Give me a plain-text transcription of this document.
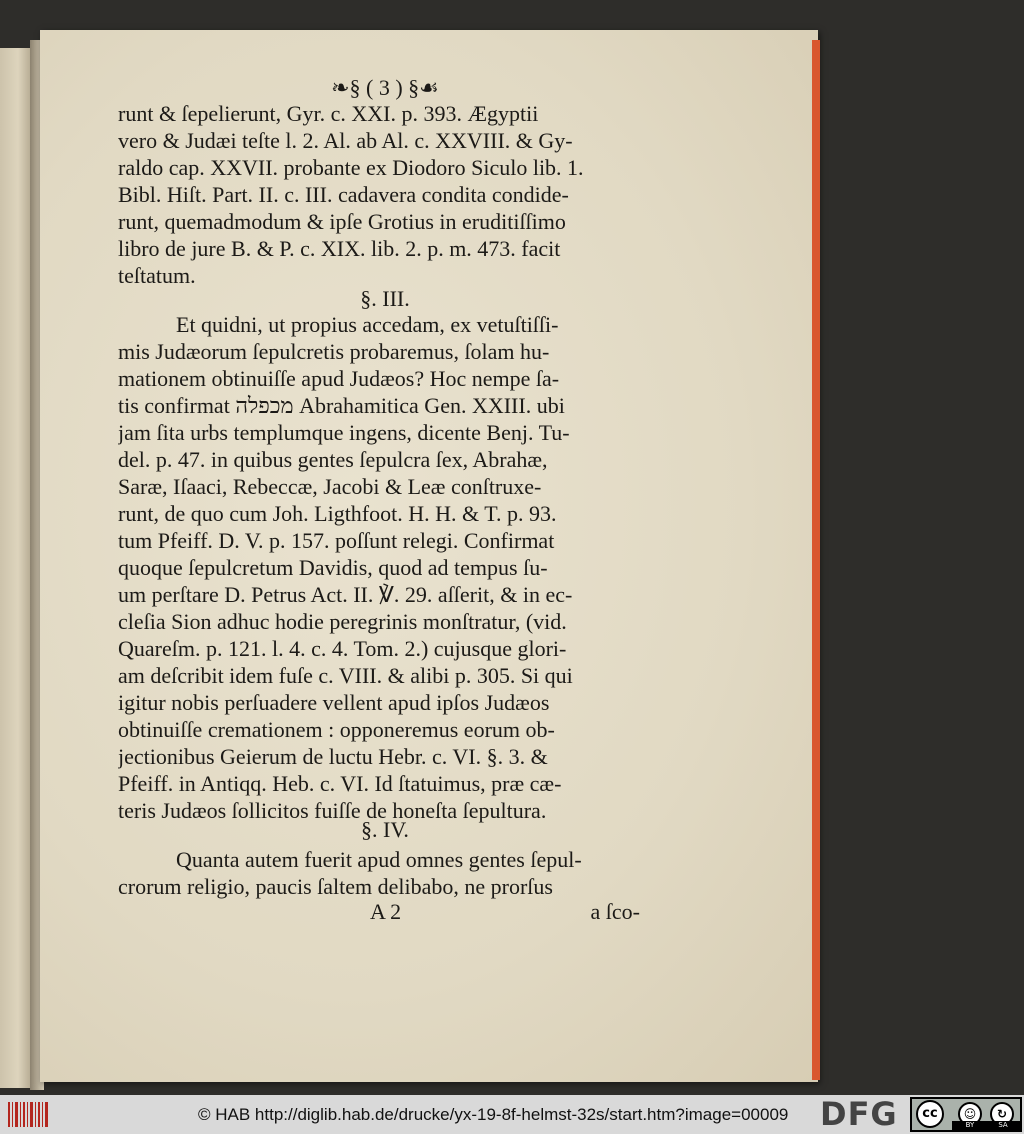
❧§ ( 3 ) §☙
runt & ſepelierunt, Gyr. c. XXI. p. 393. Ægyptii
vero & Judæi teſte l. 2. Al. ab Al. c. XXVIII. & Gy-
raldo cap. XXVII. probante ex Diodoro Siculo lib. 1.
Bibl. Hiſt. Part. II. c. III. cadavera condita condide-
runt, quemadmodum & ipſe Grotius in eruditiſſimo
libro de jure B. & P. c. XIX. lib. 2. p. m. 473. facit
teſtatum.
§. III.
Et quidni, ut propius accedam, ex vetuſtiſſi-
mis Judæorum ſepulcretis probaremus, ſolam hu-
mationem obtinuiſſe apud Judæos? Hoc nempe ſa-
tis confirmat מכפלה Abrahamitica Gen. XXIII. ubi
jam ſita urbs templumque ingens, dicente Benj. Tu-
del. p. 47. in quibus gentes ſepulcra ſex, Abrahæ,
Saræ, Iſaaci, Rebeccæ, Jacobi & Leæ conſtruxe-
runt, de quo cum Joh. Ligthfoot. H. H. & T. p. 93.
tum Pfeiff. D. V. p. 157. poſſunt relegi. Confirmat
quoque ſepulcretum Davidis, quod ad tempus ſu-
um perſtare D. Petrus Act. II. ℣. 29. aſſerit, & in ec-
cleſia Sion adhuc hodie peregrinis monſtratur, (vid.
Quareſm. p. 121. l. 4. c. 4. Tom. 2.) cujusque glori-
am deſcribit idem fuſe c. VIII. & alibi p. 305. Si qui
igitur nobis perſuadere vellent apud ipſos Judæos
obtinuiſſe cremationem : opponeremus eorum ob-
jectionibus Geierum de luctu Hebr. c. VI. §. 3. &
Pfeiff. in Antiqq. Heb. c. VI. Id ſtatuimus, præ cæ-
teris Judæos ſollicitos fuiſſe de honeſta ſepultura.
§. IV.
Quanta autem fuerit apud omnes gentes ſepul-
crorum religio, paucis ſaltem delibabo, ne prorſus
A 2	a ſco-
© HAB http://diglib.hab.de/drucke/yx-19-8f-helmst-32s/start.htm?image=00009 DFG	cc	☺	↻
BY	SA
